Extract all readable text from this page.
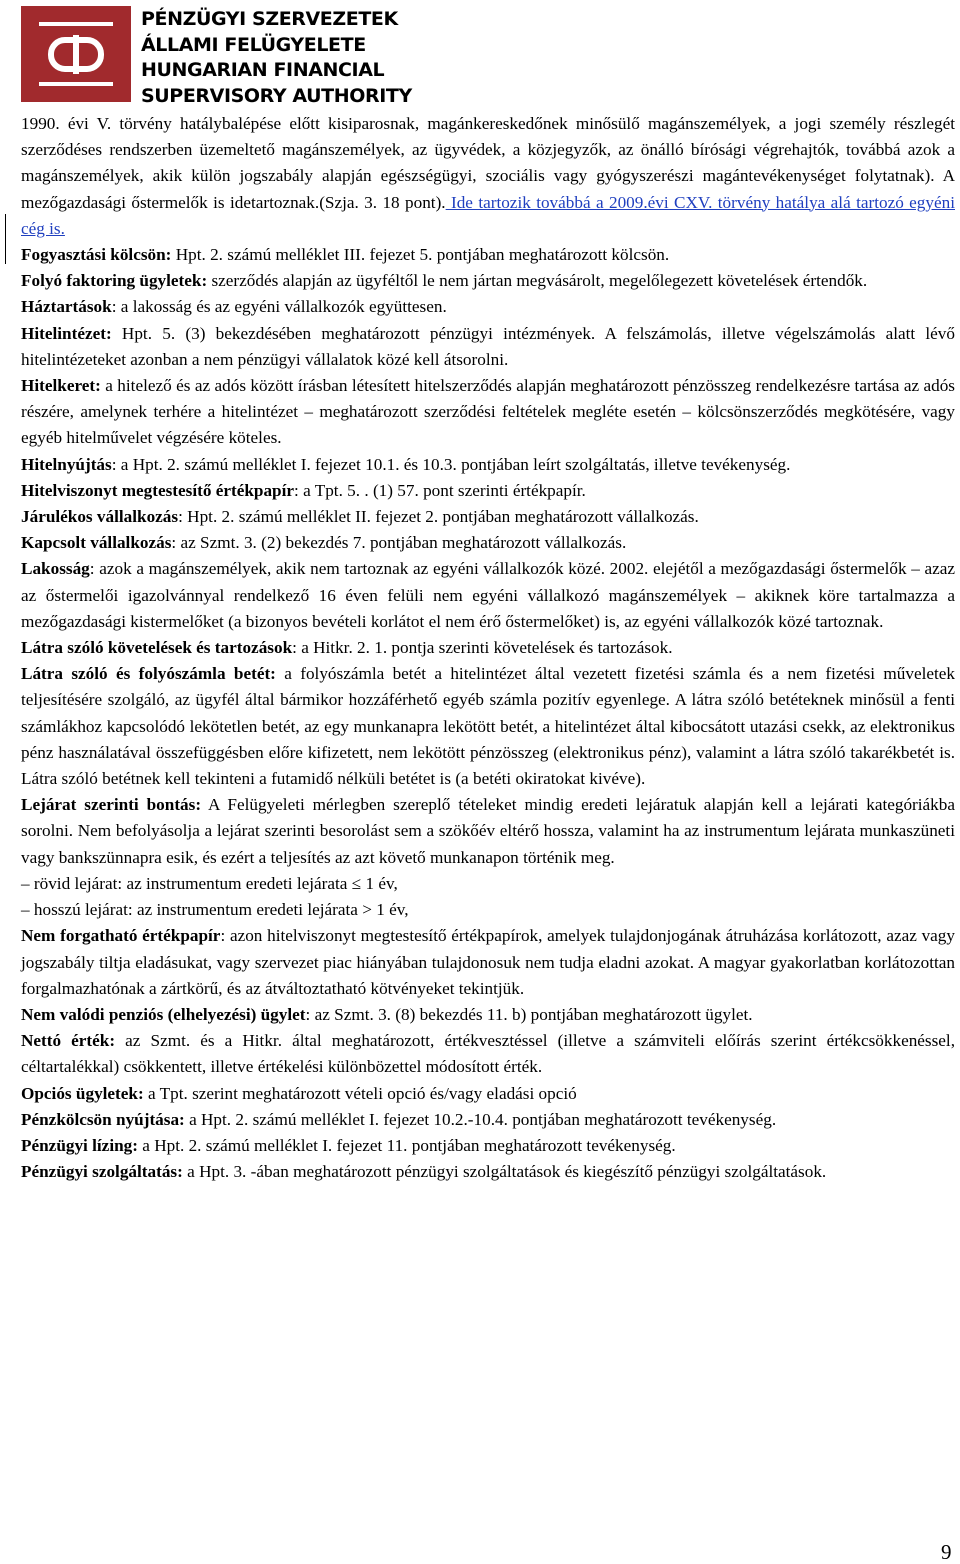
PÉNZÜGYI SZERVEZETEK
ÁLLAMI FELÜGYELETE
HUNGARIAN FINANCIAL
SUPERVISORY AUTHORITY

1990. évi V. törvény hatálybalépése előtt kisiparosnak, magánkereskedőnek minősülő magánszemélyek, a jogi személy részlegét szerződéses rendszerben üzemeltető magánszemélyek, az ügyvédek, a közjegyzők, az önálló bírósági végrehajtók, továbbá azok a magánszemélyek, akik külön jogszabály alapján egészségügyi, szociális vagy gyógyszerészi magántevékenységet folytatnak). A mezőgazdasági őstermelők is idetartoznak.(Szja. 3. 18 pont). Ide tartozik továbbá a 2009.évi CXV. törvény hatálya alá tartozó egyéni cég is.

Fogyasztási kölcsön: Hpt. 2. számú melléklet III. fejezet 5. pontjában meghatározott kölcsön.

Folyó faktoring ügyletek: szerződés alapján az ügyféltől le nem jártan megvásárolt, megelőlegezett követelések értendők.

Háztartások: a lakosság és az egyéni vállalkozók együttesen.

Hitelintézet: Hpt. 5. (3) bekezdésében meghatározott pénzügyi intézmények. A felszámolás, illetve végelszámolás alatt lévő hitelintézeteket azonban a nem pénzügyi vállalatok közé kell átsorolni.

Hitelkeret: a hitelező és az adós között írásban létesített hitelszerződés alapján meghatározott pénzösszeg rendelkezésre tartása az adós részére, amelynek terhére a hitelintézet – meghatározott szerződési feltételek megléte esetén – kölcsönszerződés megkötésére, vagy egyéb hitelművelet végzésére köteles.

Hitelnyújtás: a Hpt. 2. számú melléklet I. fejezet 10.1. és 10.3. pontjában leírt szolgáltatás, illetve tevékenység.

Hitelviszonyt megtestesítő értékpapír: a Tpt. 5. . (1) 57. pont szerinti értékpapír.

Járulékos vállalkozás: Hpt. 2. számú melléklet II. fejezet 2. pontjában meghatározott vállalkozás.

Kapcsolt vállalkozás: az Szmt. 3. (2) bekezdés 7. pontjában meghatározott vállalkozás.

Lakosság: azok a magánszemélyek, akik nem tartoznak az egyéni vállalkozók közé. 2002. elejétől a mezőgazdasági őstermelők – azaz az őstermelői igazolvánnyal rendelkező 16 éven felüli nem egyéni vállalkozó magánszemélyek – akiknek köre tartalmazza a mezőgazdasági kistermelőket (a bizonyos bevételi korlátot el nem érő őstermelőket) is, az egyéni vállalkozók közé tartoznak.

Látra szóló követelések és tartozások: a Hitkr. 2. 1. pontja szerinti követelések és tartozások.

Látra szóló és folyószámla betét: a folyószámla betét a hitelintézet által vezetett fizetési számla és a nem fizetési műveletek teljesítésére szolgáló, az ügyfél által bármikor hozzáférhető egyéb számla pozitív egyenlege. A látra szóló betéteknek minősül a fenti számlákhoz kapcsolódó lekötetlen betét, az egy munkanapra lekötött betét, a hitelintézet által kibocsátott utazási csekk, az elektronikus pénz használatával összefüggésben előre kifizetett, nem lekötött pénzösszeg (elektronikus pénz), valamint a látra szóló takarékbetét is. Látra szóló betétnek kell tekinteni a futamidő nélküli betétet is (a betéti okiratokat kivéve).

Lejárat szerinti bontás: A Felügyeleti mérlegben szereplő tételeket mindig eredeti lejáratuk alapján kell a lejárati kategóriákba sorolni. Nem befolyásolja a lejárat szerinti besorolást sem a szökőév eltérő hossza, valamint ha az instrumentum lejárata munkaszüneti vagy bankszünnapra esik, és ezért a teljesítés az azt követő munkanapon történik meg.

– rövid lejárat: az instrumentum eredeti lejárata ≤ 1 év,

– hosszú lejárat: az instrumentum eredeti lejárata > 1 év,

Nem forgatható értékpapír: azon hitelviszonyt megtestesítő értékpapírok, amelyek tulajdonjogának átruházása korlátozott, azaz vagy jogszabály tiltja eladásukat, vagy szervezet piac hiányában tulajdonosuk nem tudja eladni azokat. A magyar gyakorlatban korlátozottan forgalmazhatónak a zártkörű, és az átváltoztatható kötvényeket tekintjük.

Nem valódi penziós (elhelyezési) ügylet: az Szmt. 3. (8) bekezdés 11. b) pontjában meghatározott ügylet.

Nettó érték: az Szmt. és a Hitkr. által meghatározott, értékvesztéssel (illetve a számviteli előírás szerint értékcsökkenéssel, céltartalékkal) csökkentett, illetve értékelési különbözettel módosított érték.

Opciós ügyletek: a Tpt. szerint meghatározott vételi opció és/vagy eladási opció

Pénzkölcsön nyújtása: a Hpt. 2. számú melléklet I. fejezet 10.2.-10.4. pontjában meghatározott tevékenység.

Pénzügyi lízing: a Hpt. 2. számú melléklet I. fejezet 11. pontjában meghatározott tevékenység.

Pénzügyi szolgáltatás: a Hpt. 3. -ában meghatározott pénzügyi szolgáltatások és kiegészítő pénzügyi szolgáltatások.

9
